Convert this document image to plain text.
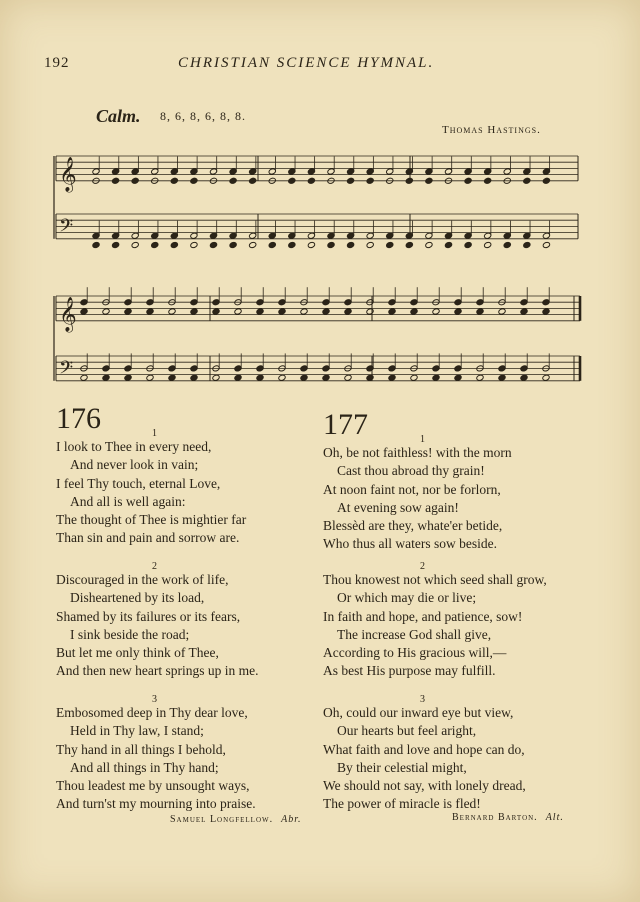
192	CHRISTIAN SCIENCE HYMNAL.
Calm. 8, 6, 8, 6, 8, 8.
Thomas Hastings.
𝄞
𝄢
𝄞
𝄢
176	1
I look to Thee in every need,
And never look in vain;
I feel Thy touch, eternal Love,
And all is well again:
The thought of Thee is mightier far
Than sin and pain and sorrow are.
2
Discouraged in the work of life,
Disheartened by its load,
Shamed by its failures or its fears,
I sink beside the road;
But let me only think of Thee,
And then new heart springs up in me.
3
Embosomed deep in Thy dear love,
Held in Thy law, I stand;
Thy hand in all things I behold,
And all things in Thy hand;
Thou leadest me by unsought ways,
And turn'st my mourning into praise.
Samuel Longfellow. Abr.
177	1
Oh, be not faithless! with the morn
Cast thou abroad thy grain!
At noon faint not, nor be forlorn,
At evening sow again!
Blessèd are they, whate'er betide,
Who thus all waters sow beside.
2
Thou knowest not which seed shall grow,
Or which may die or live;
In faith and hope, and patience, sow!
The increase God shall give,
According to His gracious will,—
As best His purpose may fulfill.
3
Oh, could our inward eye but view,
Our hearts but feel aright,
What faith and love and hope can do,
By their celestial might,
We should not say, with lonely dread,
The power of miracle is fled!
Bernard Barton. Alt.
